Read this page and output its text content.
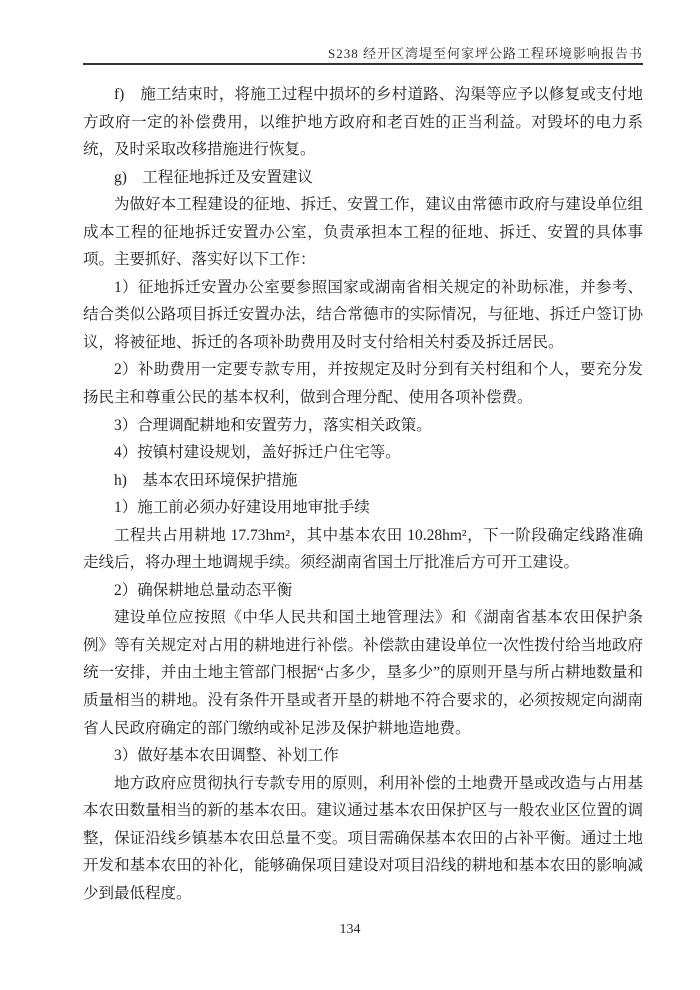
S238 经开区湾堤至何家坪公路工程环境影响报告书

f)　施工结束时，将施工过程中损坏的乡村道路、沟渠等应予以修复或支付地方政府一定的补偿费用，以维护地方政府和老百姓的正当利益。对毁坏的电力系统，及时采取改移措施进行恢复。

g)　工程征地拆迁及安置建议

为做好本工程建设的征地、拆迁、安置工作，建议由常德市政府与建设单位组成本工程的征地拆迁安置办公室，负责承担本工程的征地、拆迁、安置的具体事项。主要抓好、落实好以下工作：

1）征地拆迁安置办公室要参照国家或湖南省相关规定的补助标准，并参考、结合类似公路项目拆迁安置办法，结合常德市的实际情况，与征地、拆迁户签订协议，将被征地、拆迁的各项补助费用及时支付给相关村委及拆迁居民。

2）补助费用一定要专款专用，并按规定及时分到有关村组和个人，要充分发扬民主和尊重公民的基本权利，做到合理分配、使用各项补偿费。

3）合理调配耕地和安置劳力，落实相关政策。

4）按镇村建设规划，盖好拆迁户住宅等。

h)　基本农田环境保护措施

1）施工前必须办好建设用地审批手续

工程共占用耕地 17.73hm²，其中基本农田 10.28hm²，下一阶段确定线路准确走线后，将办理土地调规手续。须经湖南省国土厅批准后方可开工建设。

2）确保耕地总量动态平衡

建设单位应按照《中华人民共和国土地管理法》和《湖南省基本农田保护条例》等有关规定对占用的耕地进行补偿。补偿款由建设单位一次性拨付给当地政府统一安排，并由土地主管部门根据“占多少，垦多少”的原则开垦与所占耕地数量和质量相当的耕地。没有条件开垦或者开垦的耕地不符合要求的，必须按规定向湖南省人民政府确定的部门缴纳或补足涉及保护耕地造地费。

3）做好基本农田调整、补划工作

地方政府应贯彻执行专款专用的原则，利用补偿的土地费开垦或改造与占用基本农田数量相当的新的基本农田。建议通过基本农田保护区与一般农业区位置的调整，保证沿线乡镇基本农田总量不变。项目需确保基本农田的占补平衡。通过土地开发和基本农田的补化，能够确保项目建设对项目沿线的耕地和基本农田的影响减少到最低程度。

134
